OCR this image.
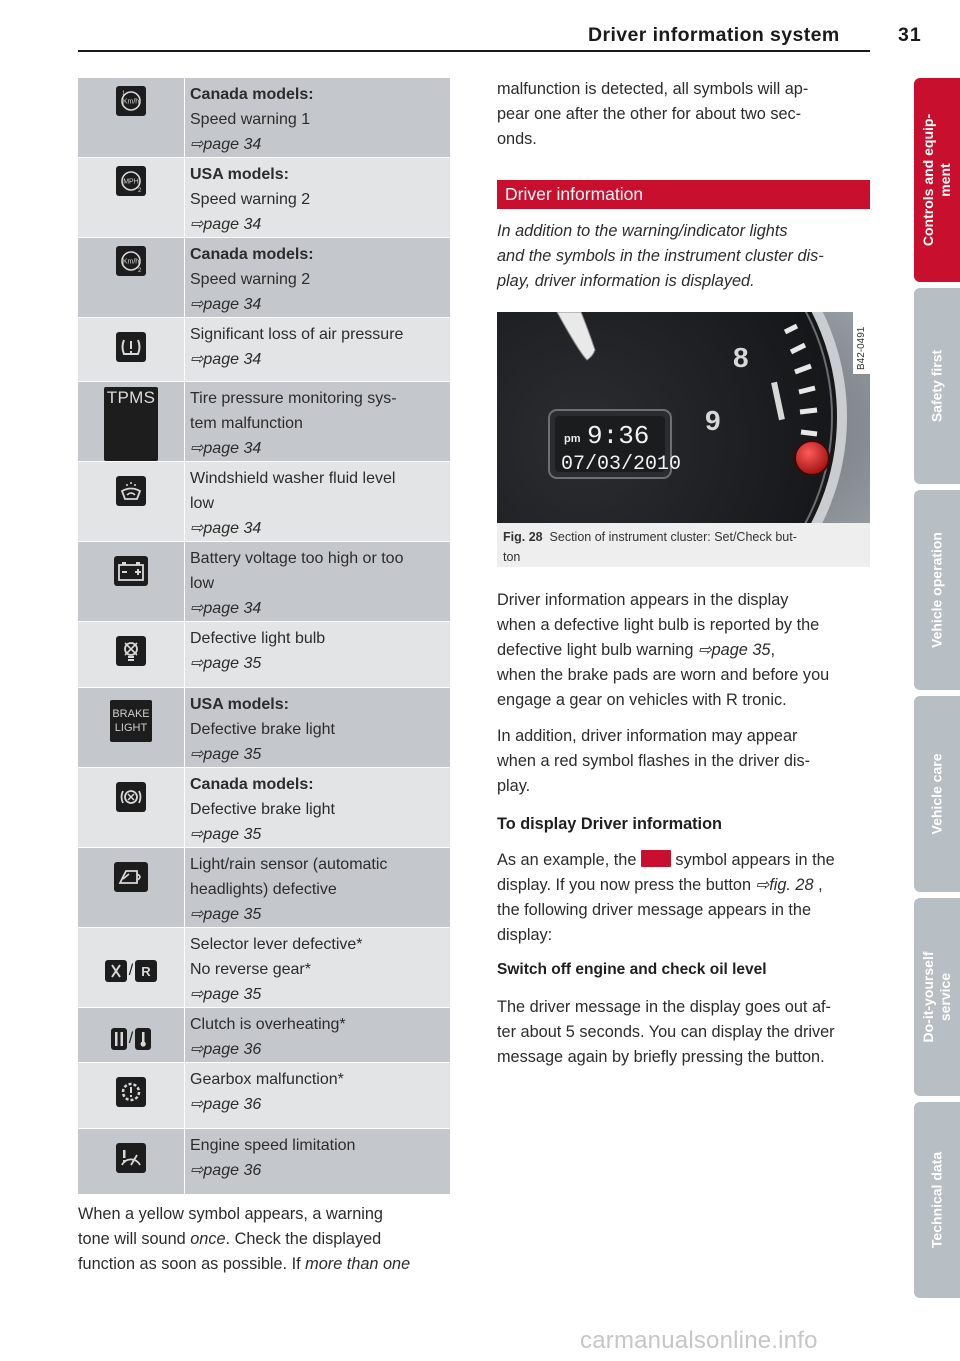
Driver information system	31
Km/h
1	Canada models:
Speed warning 1
⇨page 34
MPH
2
USA models:
Speed warning 2
⇨page 34
Km/h
2
Canada models:
Speed warning 2
⇨page 34
Significant loss of air pressure
⇨page 34
TPMS Tire pressure monitoring sys-
tem malfunction
⇨page 34
Windshield washer fluid level
low
⇨page 34
Battery voltage too high or too
low
⇨page 34
Defective light bulb
⇨page 35
BRAKE LIGHT
USA models:
Defective brake light
⇨page 35
Canada models:
Defective brake light
⇨page 35
Light/rain sensor (automatic
headlights) defective
⇨page 35
/ R
Selector lever defective*
No reverse gear*
⇨page 35
/
Clutch is overheating*
⇨page 36
Gearbox malfunction*
⇨page 36
Engine speed limitation
⇨page 36
When a yellow symbol appears, a warning
tone will sound once. Check the displayed
function as soon as possible. If more than one
malfunction is detected, all symbols will ap-
pear one after the other for about two sec-
onds.
Driver information
In addition to the warning/indicator lights
and the symbols in the instrument cluster dis-
play, driver information is displayed.
8
9
pm 9:36
07/03/2010
B42-0491
Fig. 28 Section of instrument cluster: Set/Check but-
ton
Driver information appears in the display
when a defective light bulb is reported by the
defective light bulb warning ⇨page 35,
when the brake pads are worn and before you
engage a gear on vehicles with R tronic.
In addition, driver information may appear
when a red symbol flashes in the driver dis-
play.
To display Driver information
As an example, the  symbol appears in the
display. If you now press the button ⇨fig. 28 ,
the following driver message appears in the
display:
Switch off engine and check oil level
The driver message in the display goes out af-
ter about 5 seconds. You can display the driver
message again by briefly pressing the button.
Controls and equip- ment
Safety first
Vehicle operation
Vehicle care
Do-it-yourself service
Technical data
carmanualsonline.info
